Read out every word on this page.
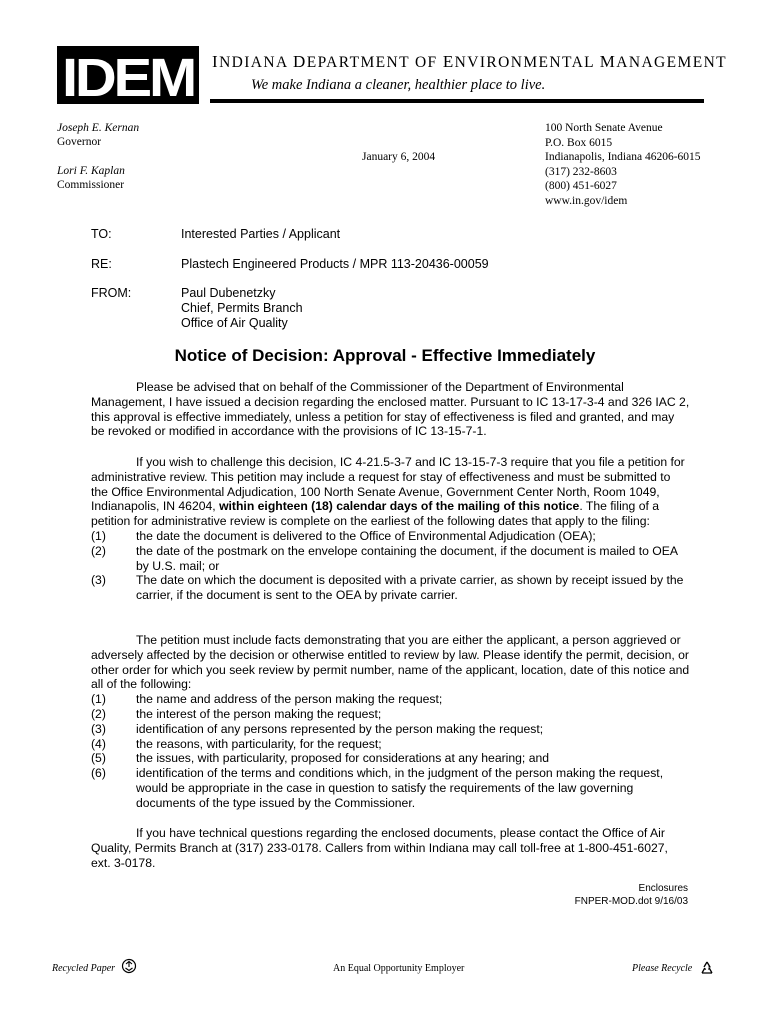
IDEM INDIANA DEPARTMENT OF ENVIRONMENTAL MANAGEMENT
We make Indiana a cleaner, healthier place to live.
Joseph E. Kernan
Governor
Lori F. Kaplan
Commissioner
January 6, 2004
100 North Senate Avenue
P.O. Box 6015
Indianapolis, Indiana 46206-6015
(317) 232-8603
(800) 451-6027
www.in.gov/idem
TO:	Interested Parties / Applicant
RE:	Plastech Engineered Products / MPR 113-20436-00059
FROM:	Paul Dubenetzky
Chief, Permits Branch
Office of Air Quality
Notice of Decision: Approval - Effective Immediately

Please be advised that on behalf of the Commissioner of the Department of Environmental Management, I have issued a decision regarding the enclosed matter. Pursuant to IC 13-17-3-4 and 326 IAC 2, this approval is effective immediately, unless a petition for stay of effectiveness is filed and granted, and may be revoked or modified in accordance with the provisions of IC 13-15-7-1.

If you wish to challenge this decision, IC 4-21.5-3-7 and IC 13-15-7-3 require that you file a petition for administrative review. This petition may include a request for stay of effectiveness and must be submitted to the Office Environmental Adjudication, 100 North Senate Avenue, Government Center North, Room 1049, Indianapolis, IN 46204, within eighteen (18) calendar days of the mailing of this notice. The filing of a petition for administrative review is complete on the earliest of the following dates that apply to the filing:

(1) the date the document is delivered to the Office of Environmental Adjudication (OEA);
(2) the date of the postmark on the envelope containing the document, if the document is mailed to OEA by U.S. mail; or
(3) The date on which the document is deposited with a private carrier, as shown by receipt issued by the carrier, if the document is sent to the OEA by private carrier.

The petition must include facts demonstrating that you are either the applicant, a person aggrieved or adversely affected by the decision or otherwise entitled to review by law. Please identify the permit, decision, or other order for which you seek review by permit number, name of the applicant, location, date of this notice and all of the following:

(1) the name and address of the person making the request;
(2) the interest of the person making the request;
(3) identification of any persons represented by the person making the request;
(4) the reasons, with particularity, for the request;
(5) the issues, with particularity, proposed for considerations at any hearing; and
(6) identification of the terms and conditions which, in the judgment of the person making the request, would be appropriate in the case in question to satisfy the requirements of the law governing documents of the type issued by the Commissioner.

If you have technical questions regarding the enclosed documents, please contact the Office of Air Quality, Permits Branch at (317) 233-0178. Callers from within Indiana may call toll-free at 1-800-451-6027, ext. 3-0178.

Enclosures
FNPER-MOD.dot 9/16/03
Recycled Paper	An Equal Opportunity Employer	Please Recycle
